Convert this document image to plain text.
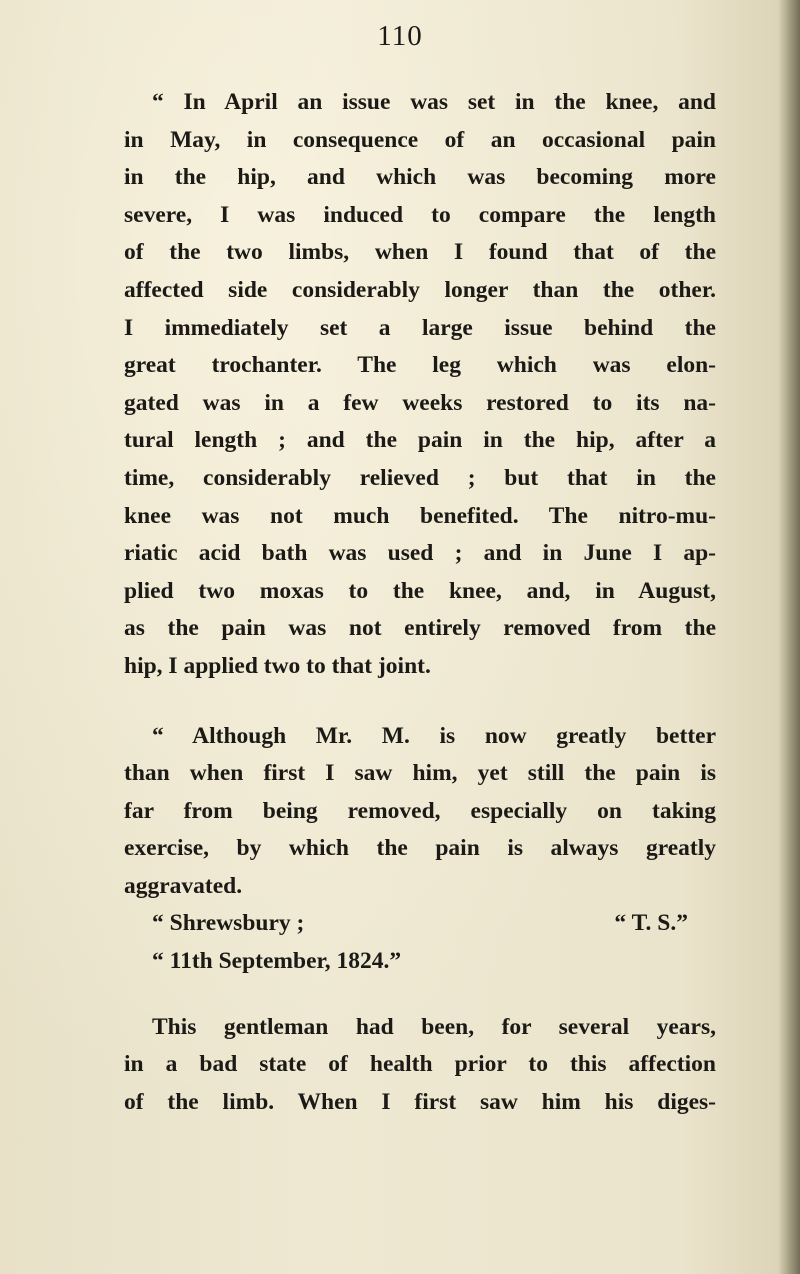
110
“ In April an issue was set in the knee, and
in May, in consequence of an occasional pain
in the hip, and which was becoming more
severe, I was induced to compare the length
of the two limbs, when I found that of the
affected side considerably longer than the other.
I immediately set a large issue behind the
great trochanter. The leg which was elon-
gated was in a few weeks restored to its na-
tural length ; and the pain in the hip, after a
time, considerably relieved ; but that in the
knee was not much benefited. The nitro-mu-
riatic acid bath was used ; and in June I ap-
plied two moxas to the knee, and, in August,
as the pain was not entirely removed from the
hip, I applied two to that joint.
“ Although Mr. M. is now greatly better
than when first I saw him, yet still the pain is
far from being removed, especially on taking
exercise, by which the pain is always greatly
aggravated.
“ Shrewsbury ;	“ T. S.”
“ 11th September, 1824.”
This gentleman had been, for several years,
in a bad state of health prior to this affection
of the limb. When I first saw him his diges-
